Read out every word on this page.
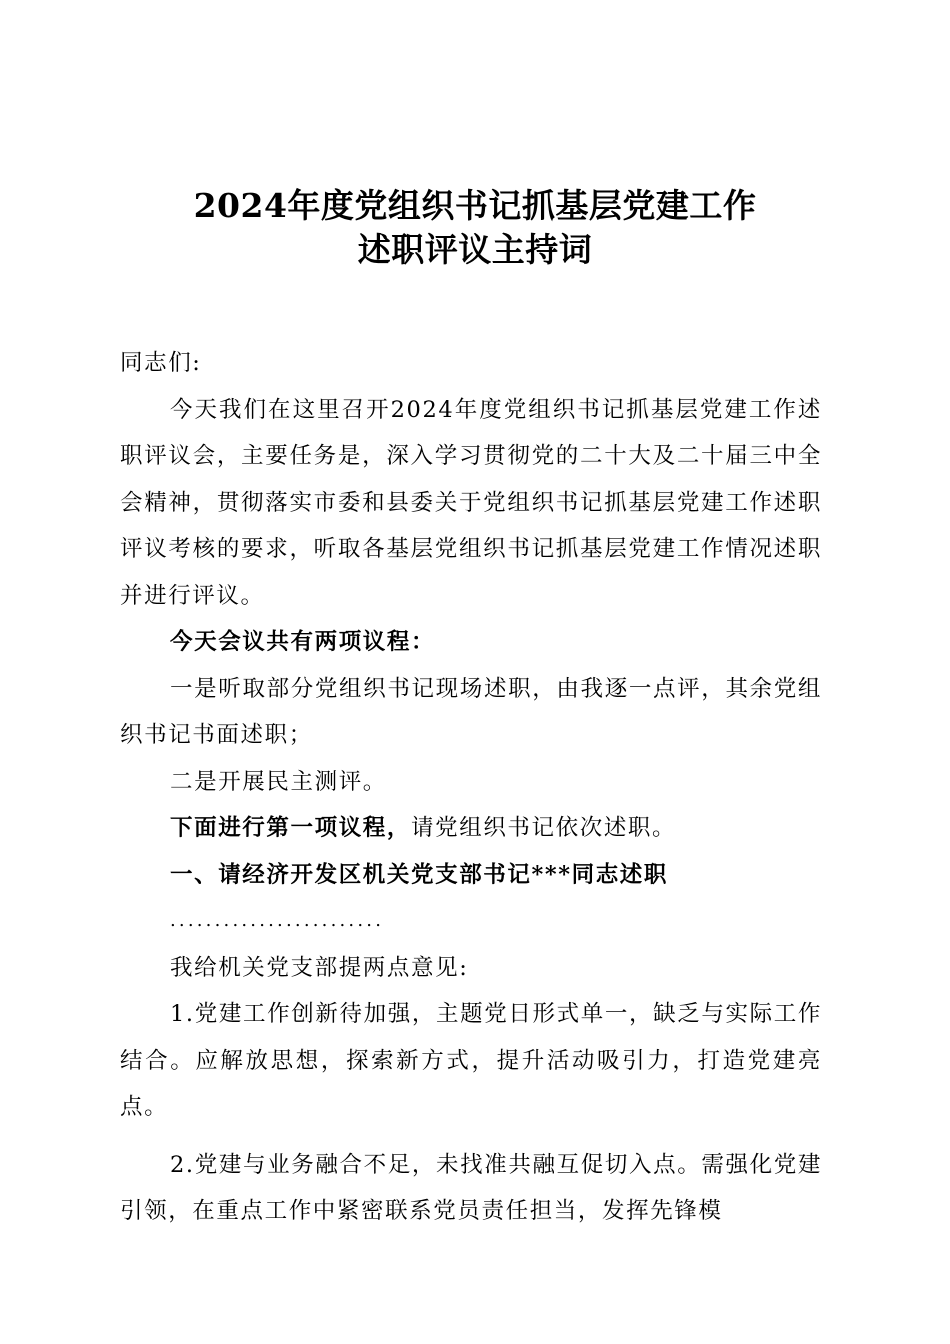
2024年度党组织书记抓基层党建工作
述职评议主持词

同志们:

今天我们在这里召开2024年度党组织书记抓基层党建工作述职评议会，主要任务是，深入学习贯彻党的二十大及二十届三中全会精神，贯彻落实市委和县委关于党组织书记抓基层党建工作述职评议考核的要求，听取各基层党组织书记抓基层党建工作情况述职并进行评议。

今天会议共有两项议程：

一是听取部分党组织书记现场述职，由我逐一点评，其余党组织书记书面述职；

二是开展民主测评。

下面进行第一项议程，请党组织书记依次述职。

一、请经济开发区机关党支部书记***同志述职

........................

我给机关党支部提两点意见:

1.党建工作创新待加强，主题党日形式单一，缺乏与实际工作结合。应解放思想，探索新方式，提升活动吸引力，打造党建亮点。

2.党建与业务融合不足，未找准共融互促切入点。需强化党建引领，在重点工作中紧密联系党员责任担当，发挥先锋模
